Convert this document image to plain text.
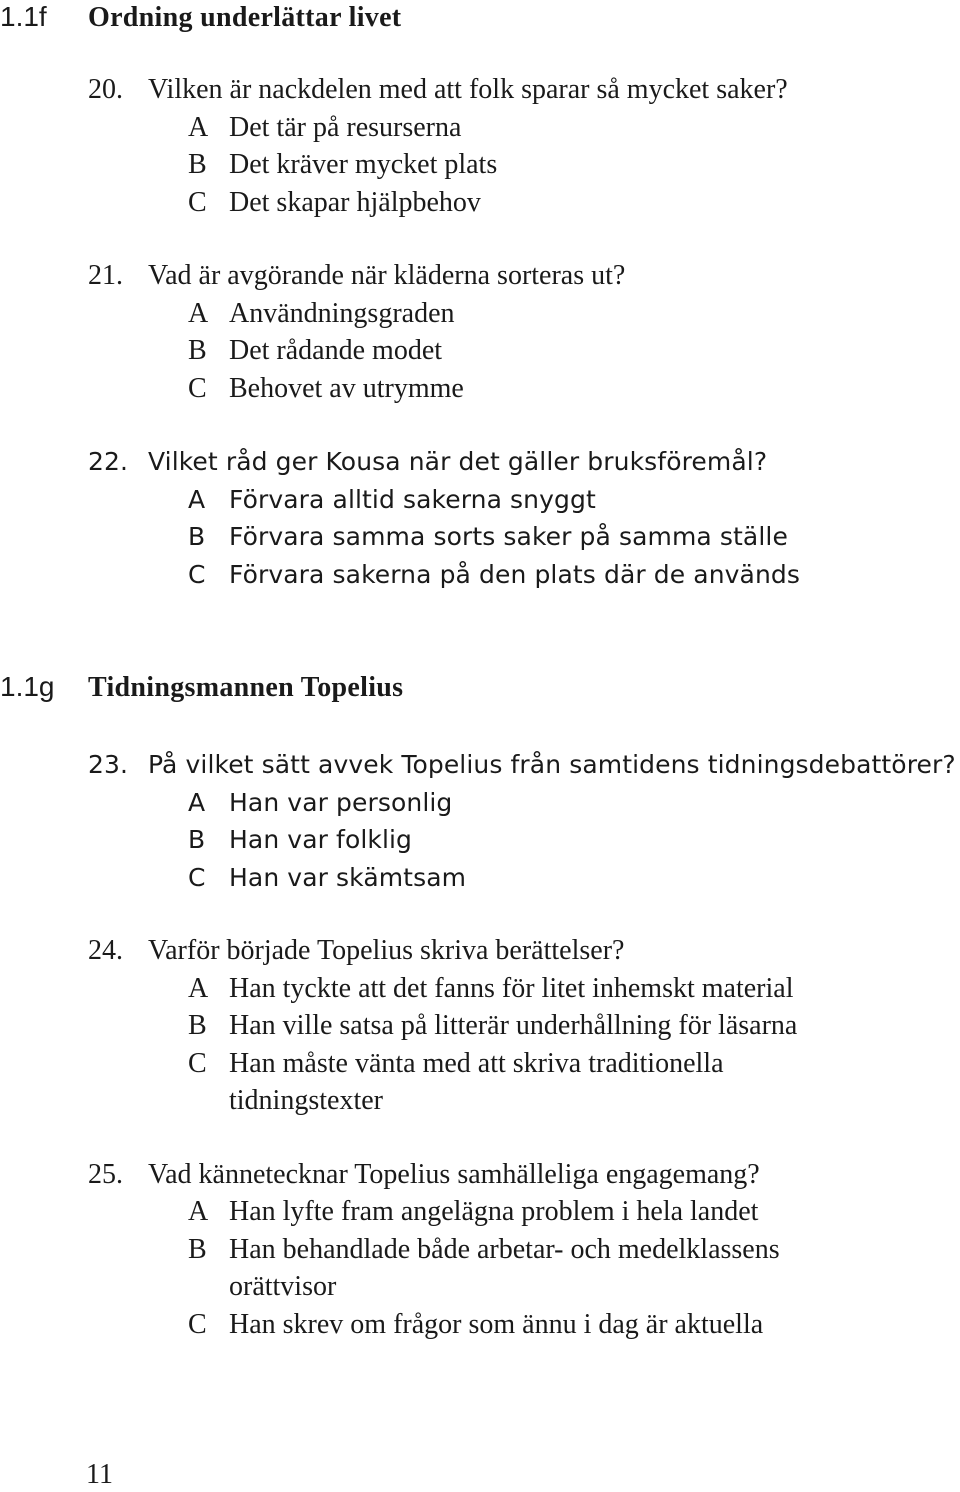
1.1f Ordning underlättar livet
20. Vilken är nackdelen med att folk sparar så mycket saker?
A Det tär på resurserna
B Det kräver mycket plats
C Det skapar hjälpbehov
21. Vad är avgörande när kläderna sorteras ut?
A Användningsgraden
B Det rådande modet
C Behovet av utrymme
22. Vilket råd ger Kousa när det gäller bruksföremål?
A Förvara alltid sakerna snyggt
B Förvara samma sorts saker på samma ställe
C Förvara sakerna på den plats där de används
1.1g Tidningsmannen Topelius
23. På vilket sätt avvek Topelius från samtidens tidningsdebattörer?
A Han var personlig
B Han var folklig
C Han var skämtsam
24. Varför började Topelius skriva berättelser?
A Han tyckte att det fanns för litet inhemskt material
B Han ville satsa på litterär underhållning för läsarna
C Han måste vänta med att skriva traditionella tidningstexter
25. Vad kännetecknar Topelius samhälleliga engagemang?
A Han lyfte fram angelägna problem i hela landet
B Han behandlade både arbetar- och medelklassens orättvisor
C Han skrev om frågor som ännu i dag är aktuella
11
